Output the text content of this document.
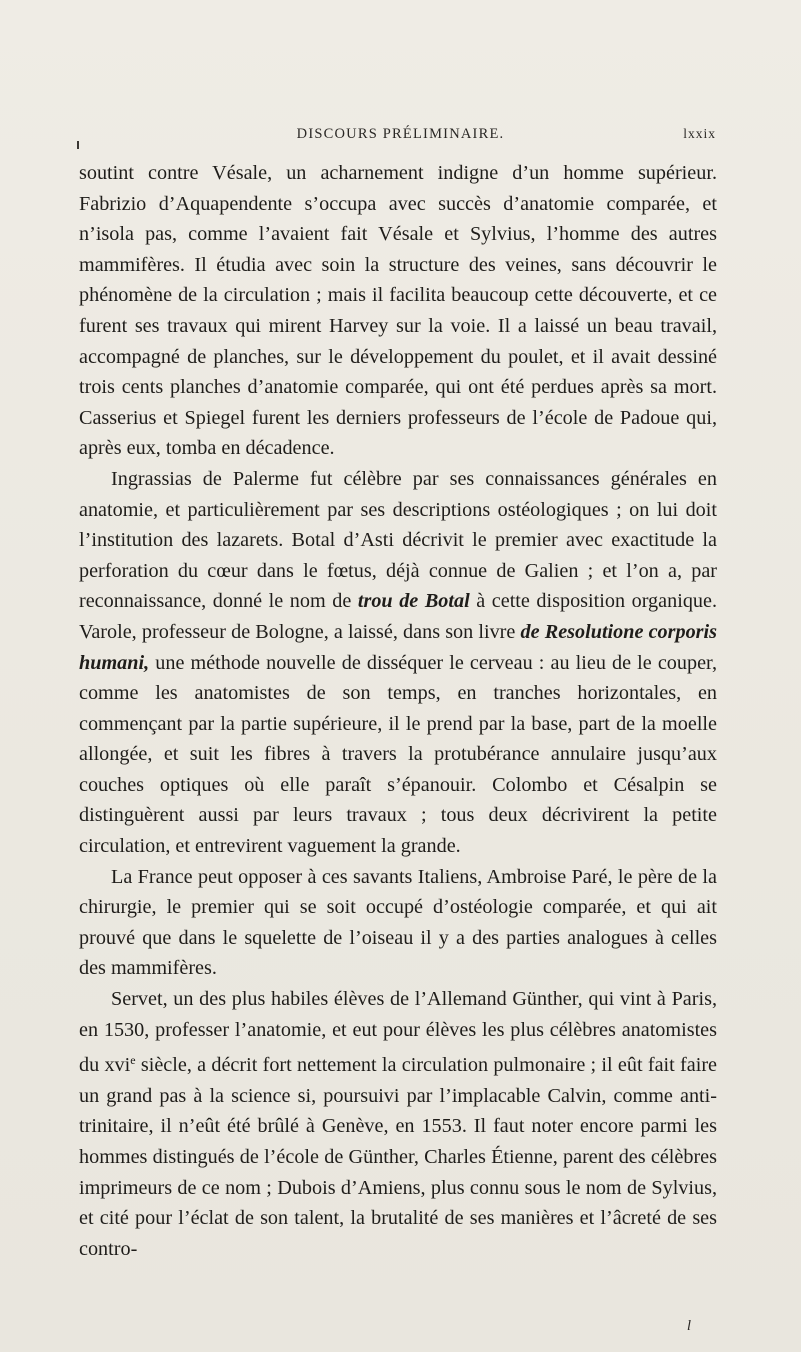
DISCOURS PRÉLIMINAIRE.	lxxix

soutint contre Vésale, un acharnement indigne d’un homme supérieur. Fabrizio d’Aquapendente s’occupa avec succès d’anatomie comparée, et n’isola pas, comme l’avaient fait Vésale et Sylvius, l’homme des autres mammifères. Il étudia avec soin la structure des veines, sans découvrir le phénomène de la circulation ; mais il facilita beaucoup cette découverte, et ce furent ses travaux qui mirent Harvey sur la voie. Il a laissé un beau travail, accompagné de planches, sur le développement du poulet, et il avait dessiné trois cents planches d’anatomie comparée, qui ont été perdues après sa mort. Casserius et Spiegel furent les derniers professeurs de l’école de Padoue qui, après eux, tomba en décadence.

Ingrassias de Palerme fut célèbre par ses connaissances générales en anatomie, et particulièrement par ses descriptions ostéologiques ; on lui doit l’institution des lazarets. Botal d’Asti décrivit le premier avec exactitude la perforation du cœur dans le fœtus, déjà connue de Galien ; et l’on a, par reconnaissance, donné le nom de trou de Botal à cette disposition organique. Varole, professeur de Bologne, a laissé, dans son livre de Resolutione corporis humani, une méthode nouvelle de disséquer le cerveau : au lieu de le couper, comme les anatomistes de son temps, en tranches horizontales, en commençant par la partie supérieure, il le prend par la base, part de la moelle allongée, et suit les fibres à travers la protubérance annulaire jusqu’aux couches optiques où elle paraît s’épanouir. Colombo et Césalpin se distinguèrent aussi par leurs travaux ; tous deux décrivirent la petite circulation, et entrevirent vaguement la grande.

La France peut opposer à ces savants Italiens, Ambroise Paré, le père de la chirurgie, le premier qui se soit occupé d’ostéologie comparée, et qui ait prouvé que dans le squelette de l’oiseau il y a des parties analogues à celles des mammifères.

Servet, un des plus habiles élèves de l’Allemand Günther, qui vint à Paris, en 1530, professer l’anatomie, et eut pour élèves les plus célèbres anatomistes du xvi$^e$ siècle, a décrit fort nettement la circulation pulmonaire ; il eût fait faire un grand pas à la science si, poursuivi par l’implacable Calvin, comme anti-trinitaire, il n’eût été brûlé à Genève, en 1553. Il faut noter encore parmi les hommes distingués de l’école de Günther, Charles Étienne, parent des célèbres imprimeurs de ce nom ; Dubois d’Amiens, plus connu sous le nom de Sylvius, et cité pour l’éclat de son talent, la brutalité de ses manières et l’âcreté de ses contro-

l
